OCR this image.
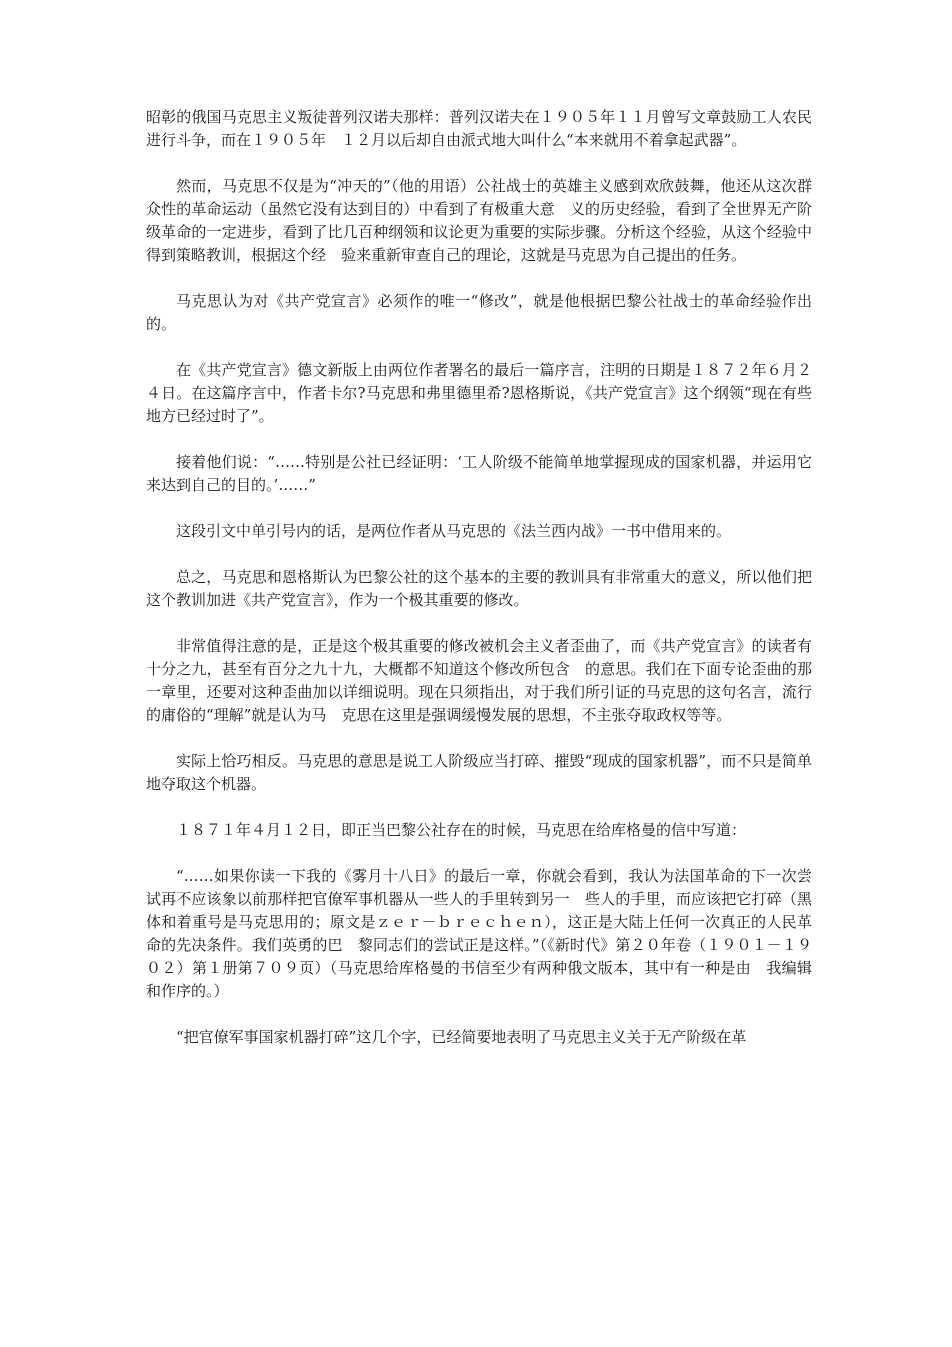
昭彰的俄国马克思主义叛徒普列汉诺夫那样：普列汉诺夫在１９０５年１１月曾写文章鼓励工人农民进行斗争，而在１９０５年　１２月以后却自由派式地大叫什么“本来就用不着拿起武器”。

然而，马克思不仅是为“冲天的”（他的用语）公社战士的英雄主义感到欢欣鼓舞，他还从这次群众性的革命运动（虽然它没有达到目的）中看到了有极重大意　义的历史经验，看到了全世界无产阶级革命的一定进步，看到了比几百种纲领和议论更为重要的实际步骤。分析这个经验，从这个经验中得到策略教训，根据这个经　验来重新审查自己的理论，这就是马克思为自己提出的任务。

马克思认为对《共产党宣言》必须作的唯一“修改”，就是他根据巴黎公社战士的革命经验作出的。

在《共产党宣言》德文新版上由两位作者署名的最后一篇序言，注明的日期是１８７２年６月２４日。在这篇序言中，作者卡尔?马克思和弗里德里希?恩格斯说，《共产党宣言》这个纲领“现在有些地方已经过时了”。

接着他们说：“……特别是公社已经证明：‘工人阶级不能简单地掌握现成的国家机器，并运用它来达到自己的目的。’……”

这段引文中单引号内的话，是两位作者从马克思的《法兰西内战》一书中借用来的。

总之，马克思和恩格斯认为巴黎公社的这个基本的主要的教训具有非常重大的意义，所以他们把这个教训加进《共产党宣言》，作为一个极其重要的修改。

非常值得注意的是，正是这个极其重要的修改被机会主义者歪曲了，而《共产党宣言》的读者有十分之九，甚至有百分之九十九，大概都不知道这个修改所包含　的意思。我们在下面专论歪曲的那一章里，还要对这种歪曲加以详细说明。现在只须指出，对于我们所引证的马克思的这句名言，流行的庸俗的“理解”就是认为马　克思在这里是强调缓慢发展的思想，不主张夺取政权等等。

实际上恰巧相反。马克思的意思是说工人阶级应当打碎、摧毁“现成的国家机器”，而不只是简单地夺取这个机器。

１８７１年４月１２日，即正当巴黎公社存在的时候，马克思在给库格曼的信中写道：

“……如果你读一下我的《雾月十八日》的最后一章，你就会看到，我认为法国革命的下一次尝试再不应该象以前那样把官僚军事机器从一些人的手里转到另一　些人的手里，而应该把它打碎（黑体和着重号是马克思用的；原文是ｚｅｒ－ｂｒｅｃｈｅｎ），这正是大陆上任何一次真正的人民革命的先决条件。我们英勇的巴　黎同志们的尝试正是这样。”（《新时代》第２０年卷（１９０１－１９０２）第１册第７０９页）（马克思给库格曼的书信至少有两种俄文版本，其中有一种是由　我编辑和作序的。）

“把官僚军事国家机器打碎”这几个字，已经简要地表明了马克思主义关于无产阶级在革
